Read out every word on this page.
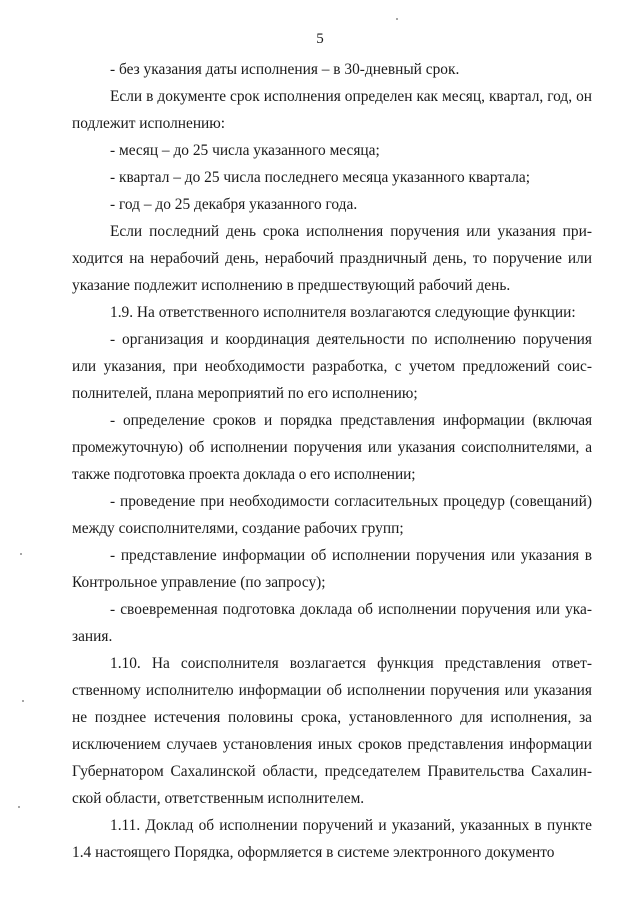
5

- без указания даты исполнения – в 30-дневный срок.

Если в документе срок исполнения определен как месяц, квартал, год, он подлежит исполнению:

- месяц – до 25 числа указанного месяца;

- квартал – до 25 числа последнего месяца указанного квартала;

- год – до 25 декабря указанного года.

Если последний день срока исполнения поручения или указания приходится на нерабочий день, нерабочий праздничный день, то поручение или указание подлежит исполнению в предшествующий рабочий день.

1.9. На ответственного исполнителя возлагаются следующие функции:

- организация и координация деятельности по исполнению поручения или указания, при необходимости разработка, с учетом предложений соисполнителей, плана мероприятий по его исполнению;

- определение сроков и порядка представления информации (включая промежуточную) об исполнении поручения или указания соисполнителями, а также подготовка проекта доклада о его исполнении;

- проведение при необходимости согласительных процедур (совещаний) между соисполнителями, создание рабочих групп;

- представление информации об исполнении поручения или указания в Контрольное управление (по запросу);

- своевременная подготовка доклада об исполнении поручения или указания.

1.10. На соисполнителя возлагается функция представления ответственному исполнителю информации об исполнении поручения или указания не позднее истечения половины срока, установленного для исполнения, за исключением случаев установления иных сроков представления информации Губернатором Сахалинской области, председателем Правительства Сахалинской области, ответственным исполнителем.

1.11. Доклад об исполнении поручений и указаний, указанных в пункте 1.4 настоящего Порядка, оформляется в системе электронного документо
